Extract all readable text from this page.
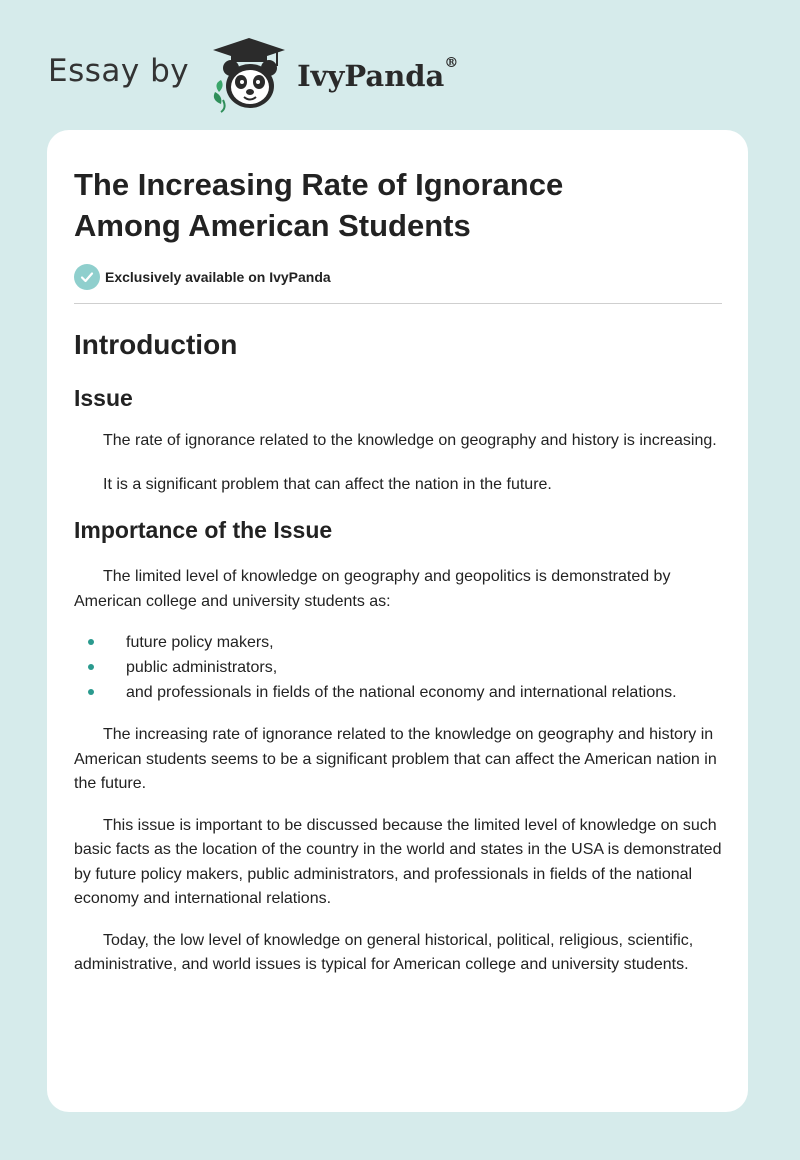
Essay by	IvyPanda®
The Increasing Rate of Ignorance Among American Students
Exclusively available on IvyPanda
Introduction
Issue

The rate of ignorance related to the knowledge on geography and history is increasing.

It is a significant problem that can affect the nation in the future.

Importance of the Issue

The limited level of knowledge on geography and geopolitics is demonstrated by American college and university students as:

future policy makers,
public administrators,
and professionals in fields of the national economy and international relations.

The increasing rate of ignorance related to the knowledge on geography and history in American students seems to be a significant problem that can affect the American nation in the future.

This issue is important to be discussed because the limited level of knowledge on such basic facts as the location of the country in the world and states in the USA is demonstrated by future policy makers, public administrators, and professionals in fields of the national economy and international relations.

Today, the low level of knowledge on general historical, political, religious, scientific, administrative, and world issues is typical for American college and university students.
